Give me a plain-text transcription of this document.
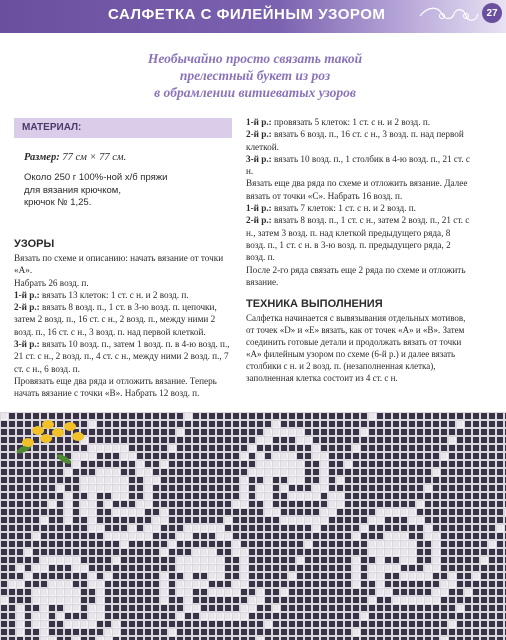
САЛФЕТКА С ФИЛЕЙНЫМ УЗОРОМ	27
Необычайно просто связать такой
прелестный букет из роз
в обрамлении витиеватых узоров
МАТЕРИАЛ:
Размер: 77 см × 77 см.
Около 250 г 100%-ной х/б пряжи
для вязания крючком,
крючок № 1,25.
УЗОРЫ

Вязать по схеме и описанию: начать вязание от точки «А».

Набрать 26 возд. п.

1-й р.: вязать 13 клеток: 1 ст. с н. и 2 возд. п.

2-й р.: вязать 8 возд. п., 1 ст. в 3-ю возд. п. цепочки, затем 2 возд. п., 16 ст. с н., 2 возд. п., между ними 2 возд. п., 16 ст. с н., 3 возд. п. над первой клеткой.

3-й р.: вязать 10 возд. п., затем 1 возд. п. в 4-ю возд. п., 21 ст. с н., 2 возд. п., 4 ст. с н., между ними 2 возд. п., 7 ст. с н., 6 возд. п.

Провязать еще два ряда и отложить вязание. Теперь начать вязание с точки «В». Набрать 12 возд. п.

1-й р.: провязать 5 клеток: 1 ст. с н. и 2 возд. п.

2-й р.: вязать 6 возд. п., 16 ст. с н., 3 возд. п. над первой клеткой.

3-й р.: вязать 10 возд. п., 1 столбик в 4-ю возд. п., 21 ст. с н.

Вязать еще два ряда по схеме и отложить вязание. Далее вязать от точки «С». Набрать 16 возд. п.

1-й р.: вязать 7 клеток: 1 ст. с н. и 2 возд. п.

2-й р.: вязать 8 возд. п., 1 ст. с н., затем 2 возд. п., 21 ст. с н., затем 3 возд. п. над клеткой предыдущего ряда, 8 возд. п., 1 ст. с н. в 3-ю возд. п. предыдущего ряда, 2 возд. п.

После 2-го ряда связать еще 2 ряда по схеме и отложить вязание.

ТЕХНИКА ВЫПОЛНЕНИЯ

Салфетка начинается с вывязывания отдельных мотивов, от точек «D» и «E» вязать, как от точек «А» и «В». Затем соединить готовые детали и продолжать вязать от точки «А» филейным узором по схеме (6-й р.) и далее вязать столбики с н. и 2 возд. п. (незаполненная клетка), заполненная клетка состоит из 4 ст. с н.
